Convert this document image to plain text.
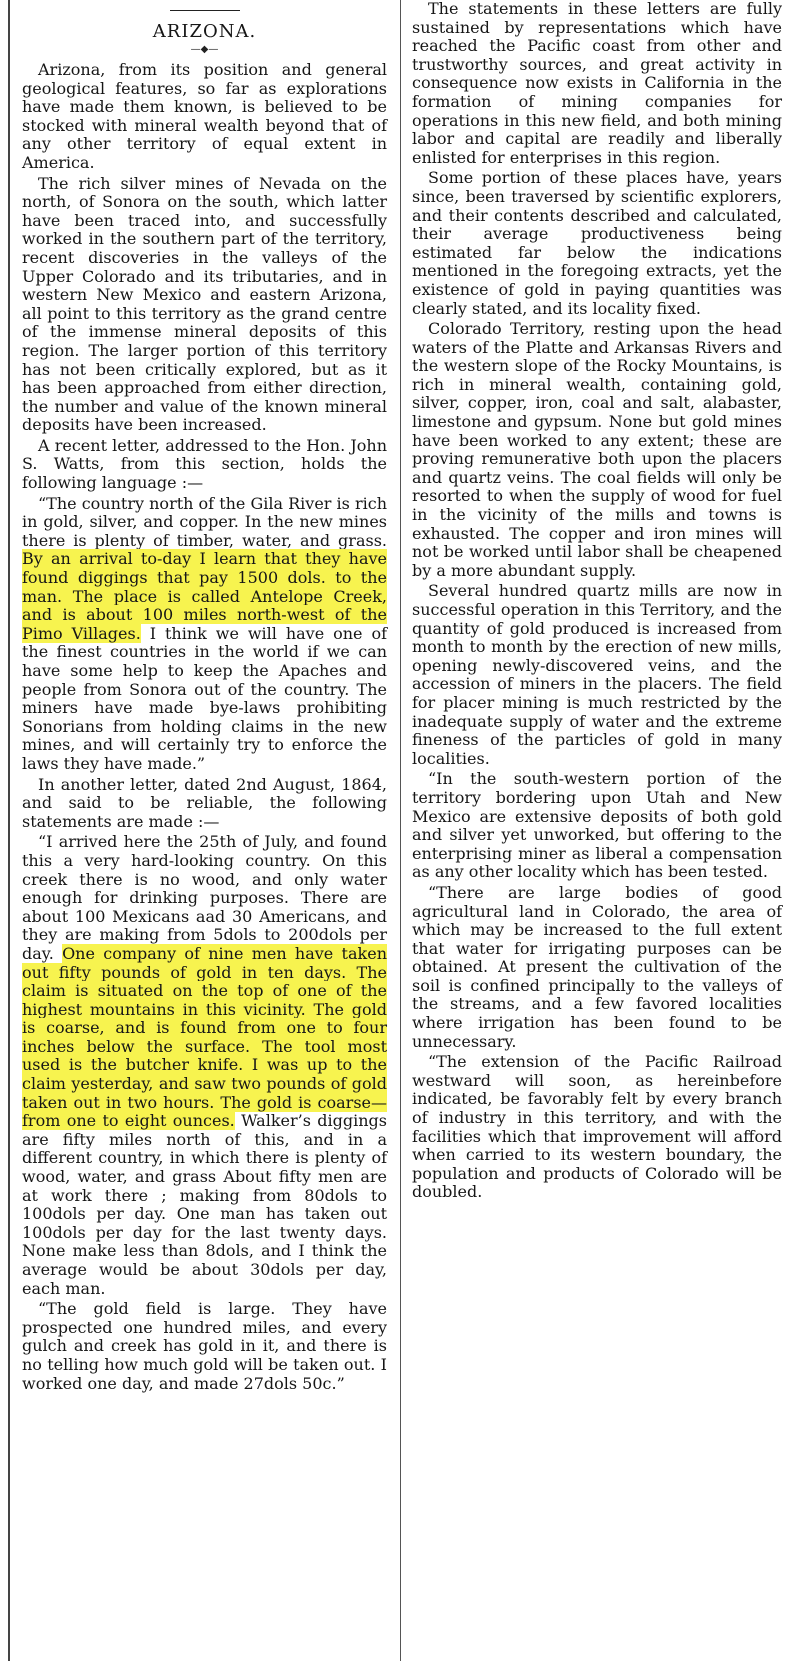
ARIZONA.
—◆—

Arizona, from its position and general geological features, so far as explorations have made them known, is believed to be stocked with mineral wealth beyond that of any other territory of equal extent in America.

The rich silver mines of Nevada on the north, of Sonora on the south, which latter have been traced into, and successfully worked in the southern part of the territory, recent discoveries in the valleys of the Upper Colorado and its tributaries, and in western New Mexico and eastern Arizona, all point to this territory as the grand centre of the immense mineral deposits of this region. The larger portion of this territory has not been critically explored, but as it has been approached from either direction, the number and value of the known mineral deposits have been increased.

A recent letter, addressed to the Hon. John S. Watts, from this section, holds the following language :—

“The country north of the Gila River is rich in gold, silver, and copper. In the new mines there is plenty of timber, water, and grass. By an arrival to-day I learn that they have found diggings that pay 1500 dols. to the man. The place is called Antelope Creek, and is about 100 miles north-west of the Pimo Villages. I think we will have one of the finest countries in the world if we can have some help to keep the Apaches and people from Sonora out of the country. The miners have made bye-laws prohibiting Sonorians from holding claims in the new mines, and will certainly try to enforce the laws they have made.”

In another letter, dated 2nd August, 1864, and said to be reliable, the following statements are made :—

“I arrived here the 25th of July, and found this a very hard-looking country. On this creek there is no wood, and only water enough for drinking purposes. There are about 100 Mexicans aad 30 Americans, and they are making from 5dols to 200dols per day. One company of nine men have taken out fifty pounds of gold in ten days. The claim is situated on the top of one of the highest mountains in this vicinity. The gold is coarse, and is found from one to four inches below the surface. The tool most used is the butcher knife. I was up to the claim yesterday, and saw two pounds of gold taken out in two hours. The gold is coarse—from one to eight ounces. Walker’s diggings are fifty miles north of this, and in a different country, in which there is plenty of wood, water, and grass About fifty men are at work there ; making from 80dols to 100dols per day. One man has taken out 100dols per day for the last twenty days. None make less than 8dols, and I think the average would be about 30dols per day, each man.

“The gold field is large. They have prospected one hundred miles, and every gulch and creek has gold in it, and there is no telling how much gold will be taken out. I worked one day, and made 27dols 50c.”

The statements in these letters are fully sustained by representations which have reached the Pacific coast from other and trustworthy sources, and great activity in consequence now exists in California in the formation of mining companies for operations in this new field, and both mining labor and capital are readily and liberally enlisted for enterprises in this region.

Some portion of these places have, years since, been traversed by scientific explorers, and their contents described and calculated, their average productiveness being estimated far below the indications mentioned in the foregoing extracts, yet the existence of gold in paying quantities was clearly stated, and its locality fixed.

Colorado Territory, resting upon the head waters of the Platte and Arkansas Rivers and the western slope of the Rocky Mountains, is rich in mineral wealth, containing gold, silver, copper, iron, coal and salt, alabaster, limestone and gypsum. None but gold mines have been worked to any extent; these are proving remunerative both upon the placers and quartz veins. The coal fields will only be resorted to when the supply of wood for fuel in the vicinity of the mills and towns is exhausted. The copper and iron mines will not be worked until labor shall be cheapened by a more abundant supply.

Several hundred quartz mills are now in successful operation in this Territory, and the quantity of gold produced is increased from month to month by the erection of new mills, opening newly-discovered veins, and the accession of miners in the placers. The field for placer mining is much restricted by the inadequate supply of water and the extreme fineness of the particles of gold in many localities.

“In the south-western portion of the territory bordering upon Utah and New Mexico are extensive deposits of both gold and silver yet unworked, but offering to the enterprising miner as liberal a compensation as any other locality which has been tested.

“There are large bodies of good agricultural land in Colorado, the area of which may be increased to the full extent that water for irrigating purposes can be obtained. At present the cultivation of the soil is confined principally to the valleys of the streams, and a few favored localities where irrigation has been found to be unnecessary.

“The extension of the Pacific Railroad westward will soon, as hereinbefore indicated, be favorably felt by every branch of industry in this territory, and with the facilities which that improvement will afford when carried to its western boundary, the population and products of Colorado will be doubled.
